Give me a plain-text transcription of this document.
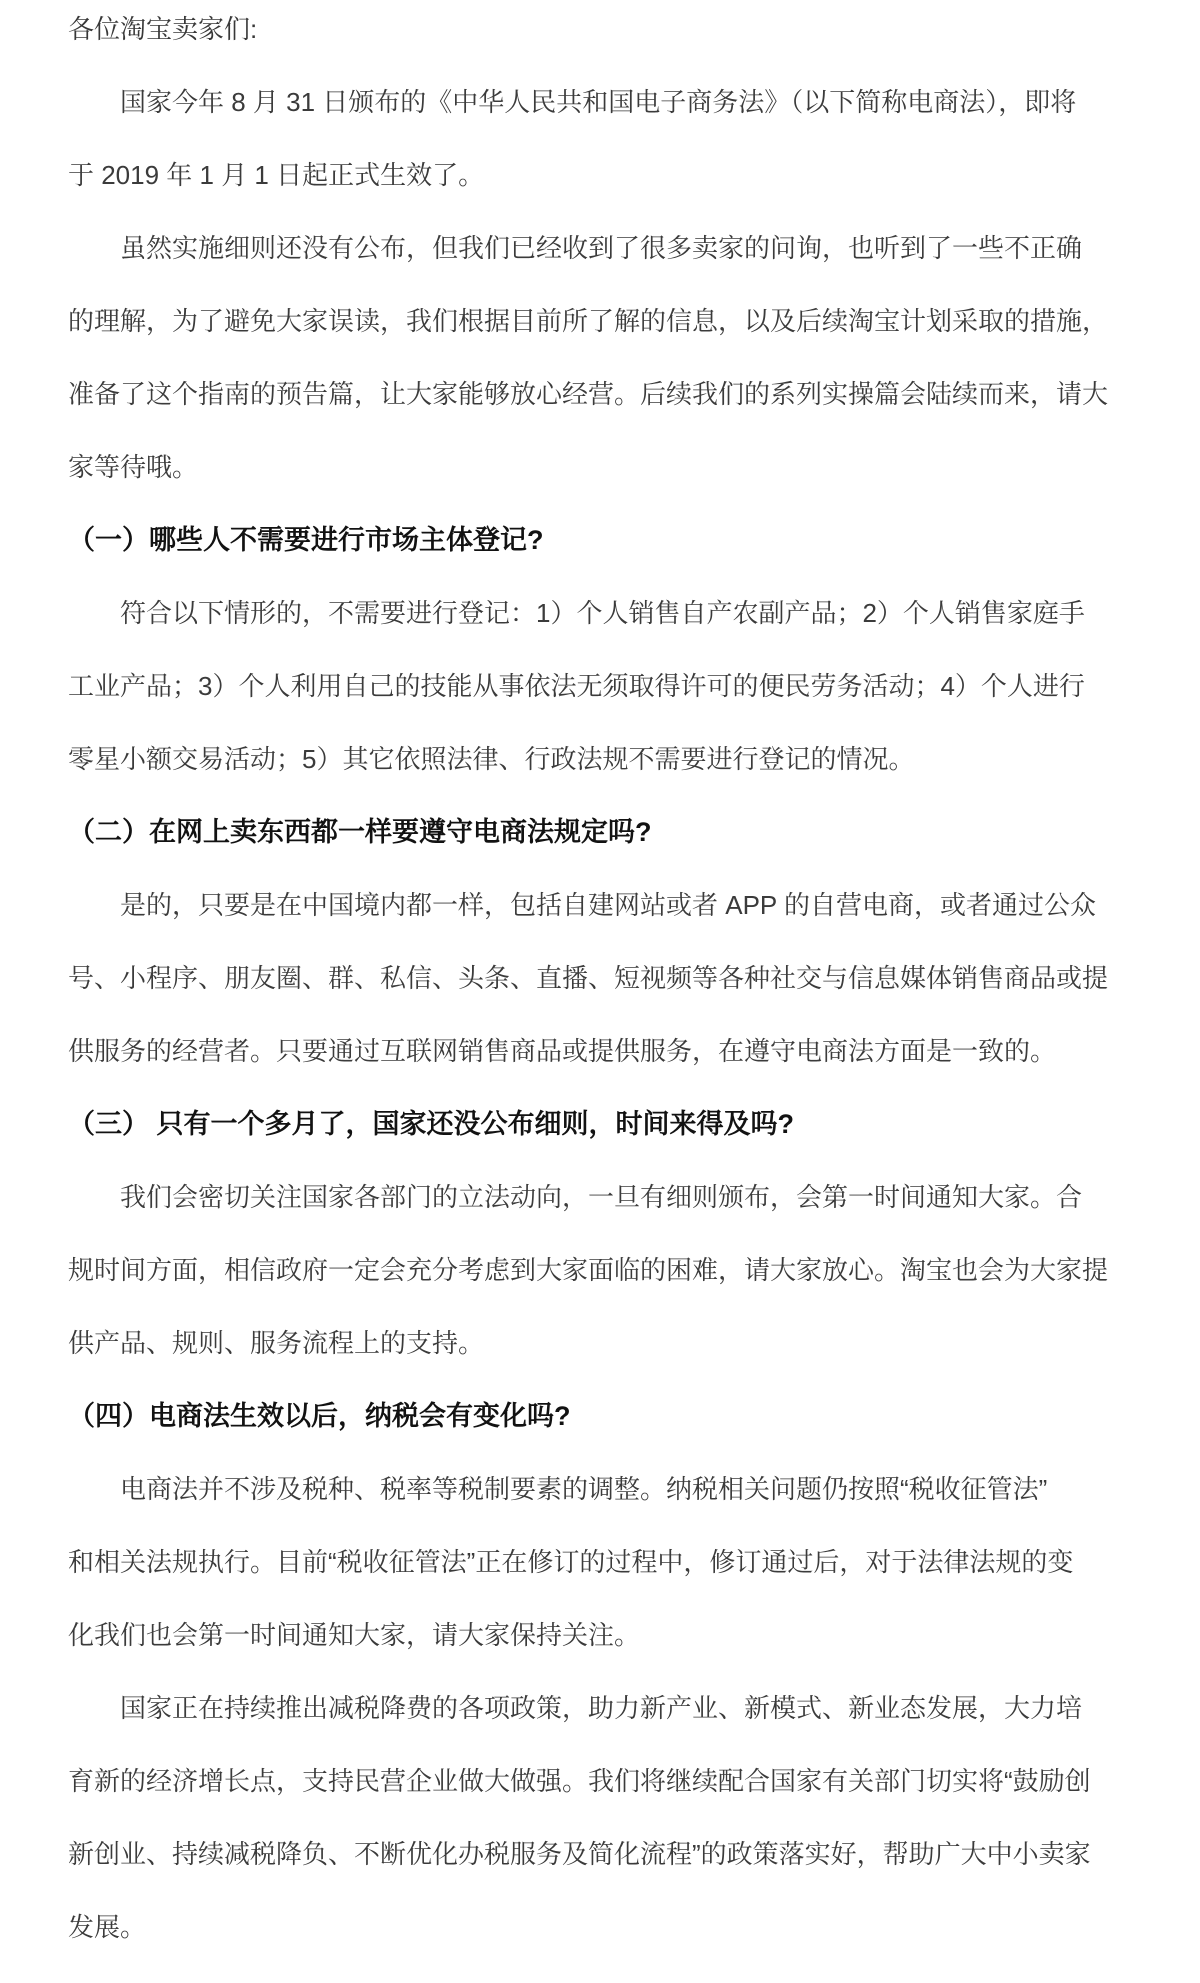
各位淘宝卖家们:
国家今年 8 月 31 日颁布的《中华人民共和国电子商务法》（以下简称电商法），即将
于 2019 年 1 月 1 日起正式生效了。
虽然实施细则还没有公布，但我们已经收到了很多卖家的问询，也听到了一些不正确
的理解，为了避免大家误读，我们根据目前所了解的信息，以及后续淘宝计划采取的措施，
准备了这个指南的预告篇，让大家能够放心经营。后续我们的系列实操篇会陆续而来，请大
家等待哦。
（一）哪些人不需要进行市场主体登记?
符合以下情形的，不需要进行登记：1）个人销售自产农副产品；2）个人销售家庭手
工业产品；3）个人利用自己的技能从事依法无须取得许可的便民劳务活动；4）个人进行
零星小额交易活动；5）其它依照法律、行政法规不需要进行登记的情况。
（二）在网上卖东西都一样要遵守电商法规定吗?
是的，只要是在中国境内都一样，包括自建网站或者 APP 的自营电商，或者通过公众
号、小程序、朋友圈、群、私信、头条、直播、短视频等各种社交与信息媒体销售商品或提
供服务的经营者。只要通过互联网销售商品或提供服务，在遵守电商法方面是一致的。
（三） 只有一个多月了，国家还没公布细则，时间来得及吗?
我们会密切关注国家各部门的立法动向，一旦有细则颁布，会第一时间通知大家。合
规时间方面，相信政府一定会充分考虑到大家面临的困难，请大家放心。淘宝也会为大家提
供产品、规则、服务流程上的支持。
（四）电商法生效以后，纳税会有变化吗?
电商法并不涉及税种、税率等税制要素的调整。纳税相关问题仍按照“税收征管法”
和相关法规执行。目前“税收征管法”正在修订的过程中，修订通过后，对于法律法规的变
化我们也会第一时间通知大家，请大家保持关注。
国家正在持续推出减税降费的各项政策，助力新产业、新模式、新业态发展，大力培
育新的经济增长点，支持民营企业做大做强。我们将继续配合国家有关部门切实将“鼓励创
新创业、持续减税降负、不断优化办税服务及简化流程”的政策落实好，帮助广大中小卖家
发展。
